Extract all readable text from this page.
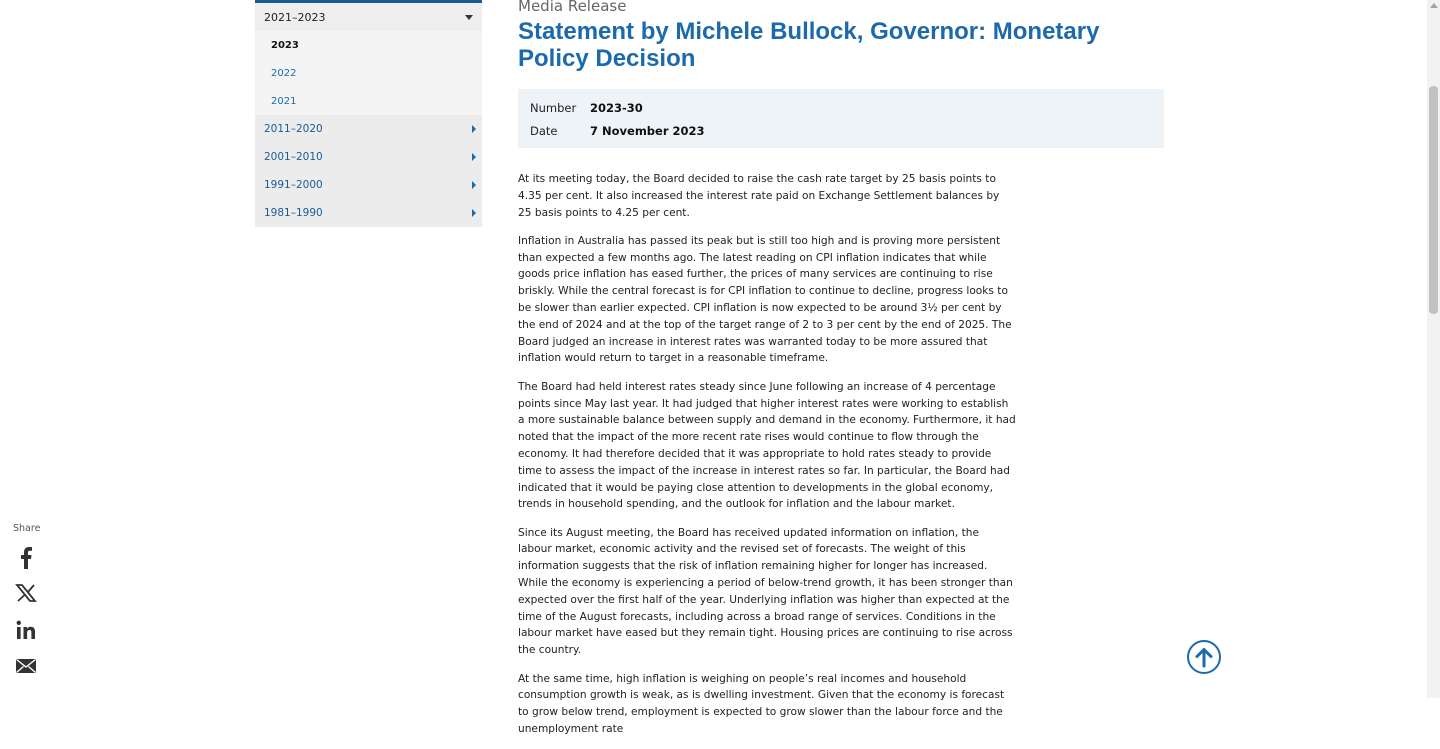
2021–2023
2023
2022
2021
2011–2020
2001–2010
1991–2000
1981–1990
Media Release
Statement by Michele Bullock, Governor: Monetary Policy Decision
Number	2023-30
Date	7 November 2023

At its meeting today, the Board decided to raise the cash rate target by 25 basis points to 4.35 per cent. It also increased the interest rate paid on Exchange Settlement balances by 25 basis points to 4.25 per cent.

Inflation in Australia has passed its peak but is still too high and is proving more persistent than expected a few months ago. The latest reading on CPI inflation indicates that while goods price inflation has eased further, the prices of many services are continuing to rise briskly. While the central forecast is for CPI inflation to continue to decline, progress looks to be slower than earlier expected. CPI inflation is now expected to be around 3½ per cent by the end of 2024 and at the top of the target range of 2 to 3 per cent by the end of 2025. The Board judged an increase in interest rates was warranted today to be more assured that inflation would return to target in a reasonable timeframe.

The Board had held interest rates steady since June following an increase of 4 percentage points since May last year. It had judged that higher interest rates were working to establish a more sustainable balance between supply and demand in the economy. Furthermore, it had noted that the impact of the more recent rate rises would continue to flow through the economy. It had therefore decided that it was appropriate to hold rates steady to provide time to assess the impact of the increase in interest rates so far. In particular, the Board had indicated that it would be paying close attention to developments in the global economy, trends in household spending, and the outlook for inflation and the labour market.

Since its August meeting, the Board has received updated information on inflation, the labour market, economic activity and the revised set of forecasts. The weight of this information suggests that the risk of inflation remaining higher for longer has increased. While the economy is experiencing a period of below-trend growth, it has been stronger than expected over the first half of the year. Underlying inflation was higher than expected at the time of the August forecasts, including across a broad range of services. Conditions in the labour market have eased but they remain tight. Housing prices are continuing to rise across the country.

At the same time, high inflation is weighing on people’s real incomes and household consumption growth is weak, as is dwelling investment. Given that the economy is forecast to grow below trend, employment is expected to grow slower than the labour force and the unemployment rate

Share
